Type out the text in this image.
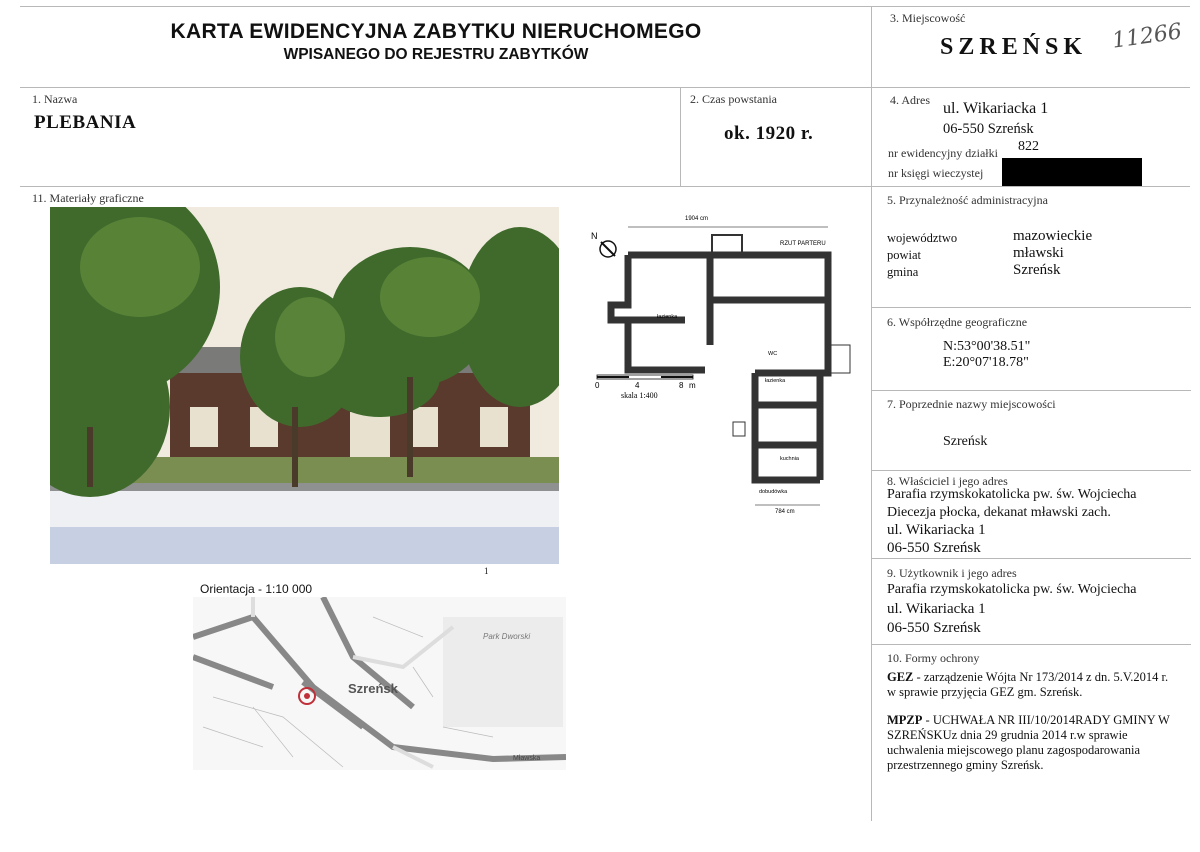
KARTA EWIDENCYJNA ZABYTKU NIERUCHOMEGO
WPISANEGO DO REJESTRU ZABYTKÓW
3. Miejscowość
SZREŃSK 11266
1. Nazwa
PLEBANIA
2. Czas powstania
ok. 1920 r.
4. Adres ul. Wikariacka 1
06-550 Szreńsk
nr ewidencyjny działki 822
nr księgi wieczystej
11. Materiały graficzne
1
N
1904 cm
RZUT PARTERU
784 cm
łazienka
WC
łazienka
kuchnia
dobudówka
0	4	8 m
skala 1:400
Orientacja - 1:10 000
Szreńsk
Park Dworski
Mławska
5. Przynależność administracyjna
województwo	mazowieckie
powiat	mławski
gmina	Szreńsk
6. Współrzędne geograficzne
N:53°00'38.51"
E:20°07'18.78"
7. Poprzednie nazwy miejscowości
Szreńsk
8. Właściciel i jego adres
Parafia rzymskokatolicka pw. św. Wojciecha
Diecezja płocka, dekanat mławski zach.
ul. Wikariacka 1
06-550 Szreńsk
9. Użytkownik i jego adres
Parafia rzymskokatolicka pw. św. Wojciecha
ul. Wikariacka 1
06-550 Szreńsk
10. Formy ochrony
GEZ - zarządzenie Wójta Nr 173/2014 z dn. 5.V.2014 r. w sprawie przyjęcia GEZ gm. Szreńsk.
MPZP - UCHWAŁA NR III/10/2014RADY GMINY W SZREŃSKUz dnia 29 grudnia 2014 r.w sprawie uchwalenia miejscowego planu zagospodarowania przestrzennego gminy Szreńsk.
